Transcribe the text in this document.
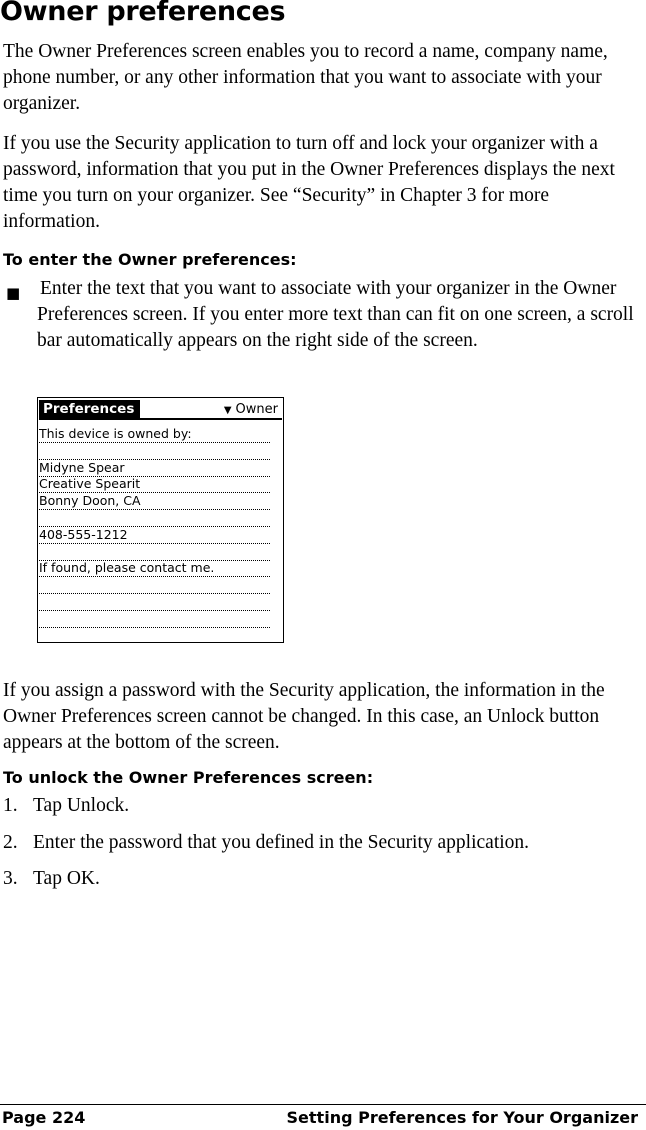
Owner preferences
The Owner Preferences screen enables you to record a name, company name, phone number, or any other information that you want to associate with your organizer.
If you use the Security application to turn off and lock your organizer with a password, information that you put in the Owner Preferences displays the next time you turn on your organizer. See “Security” in Chapter 3 for more information.
To enter the Owner preferences:
■ Enter the text that you want to associate with your organizer in the Owner Preferences screen. If you enter more text than can fit on one screen, a scroll bar automatically appears on the right side of the screen.
Preferences	▼ Owner
This device is owned by:
Midyne Spear
Creative Spearit
Bonny Doon, CA
408-555-1212
If found, please contact me.
If you assign a password with the Security application, the information in the Owner Preferences screen cannot be changed. In this case, an Unlock button appears at the bottom of the screen.
To unlock the Owner Preferences screen:
1. Tap Unlock.
2. Enter the password that you defined in the Security application.
3. Tap OK.
Page 224	Setting Preferences for Your Organizer
